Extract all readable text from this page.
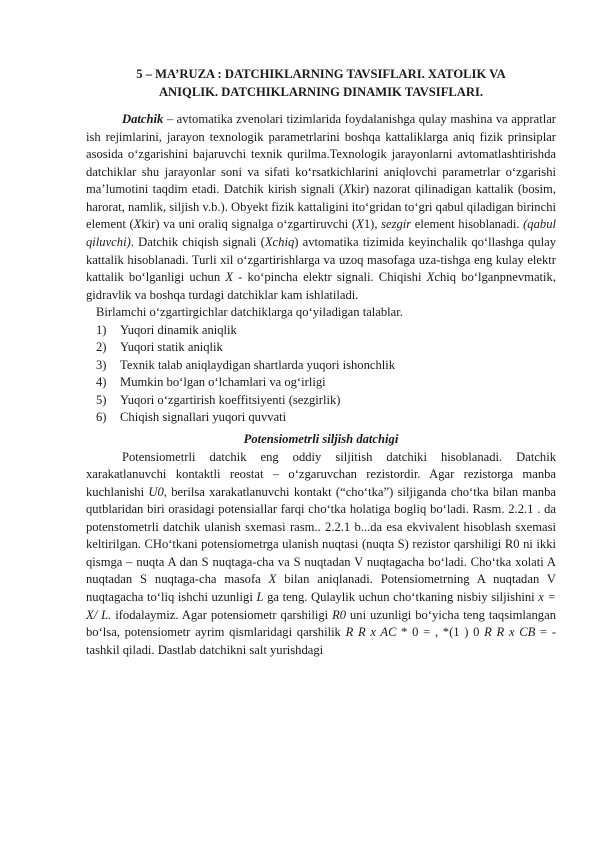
5 – MA’RUZA : DATCHIKLARNING TAVSIFLARI. XATOLIK VA
ANIQLIK. DATCHIKLARNING DINAMIK TAVSIFLARI.

Datchik – avtomatika zvenolari tizimlarida foydalanishga qulay mashina va appratlar ish rejimlarini, jarayon texnologik parametrlarini boshqa kattaliklarga aniq fizik prinsiplar asosida oʻzgarishini bajaruvchi texnik qurilma.Texnologik jarayonlarni avtomatlashtirishda datchiklar shu jarayonlar soni va sifati koʻrsatkichlarini aniqlovchi parametrlar oʻzgarishi maʼlumotini taqdim etadi. Datchik kirish signali (Xkir) nazorat qilinadigan kattalik (bosim, harorat, namlik, siljish v.b.). Obyekt fizik kattaligini itoʻgridan toʻgri qabul qiladigan birinchi element (Xkir) va uni oraliq signalga oʻzgartiruvchi (X1), sezgir element hisoblanadi. (qabul qiluvchi). Datchik chiqish signali (Xchiq) avtomatika tizimida keyinchalik qoʻllashga qulay kattalik hisoblanadi. Turli xil oʻzgartirishlarga va uzoq masofaga uza-tishga eng kulay elektr kattalik boʻlganligi uchun X - koʻpincha elektr signali. Chiqishi Xchiq boʻlganpnevmatik, gidravlik va boshqa turdagi datchiklar kam ishlatiladi.

Birlamchi oʻzgartirgichlar datchiklarga qoʻyiladigan talablar.
1) Yuqori dinamik aniqlik
2) Yuqori statik aniqlik
3) Texnik talab aniqlaydigan shartlarda yuqori ishonchlik
4) Mumkin boʻlgan oʻlchamlari va ogʻirligi
5) Yuqori oʻzgartirish koeffitsiyenti (sezgirlik)
6) Chiqish signallari yuqori quvvati
Potensiometrli siljish datchigi

Potensiometrli datchik eng oddiy siljitish datchiki hisoblanadi. Datchik xarakatlanuvchi kontaktli reostat – oʻzgaruvchan rezistordir. Agar rezistorga manba kuchlanishi U0, berilsa xarakatlanuvchi kontakt (“choʻtka”) siljiganda choʻtka bilan manba qutblaridan biri orasidagi potensiallar farqi choʻtka holatiga bogliq boʻladi. Rasm. 2.2.1 . da potenstometrli datchik ulanish sxemasi rasm.. 2.2.1 b...da esa ekvivalent hisoblash sxemasi keltirilgan. CHoʻtkani potensiometrga ulanish nuqtasi (nuqta S) rezistor qarshiligi R0 ni ikki qismga – nuqta A dan S nuqtaga-cha va S nuqtadan V nuqtagacha boʻladi. Choʻtka xolati A nuqtadan S nuqtaga-cha masofa X bilan aniqlanadi. Potensiometrning A nuqtadan V nuqtagacha toʻliq ishchi uzunligi L ga teng. Qulaylik uchun choʻtkaning nisbiy siljishini x = X/ L. ifodalaymiz. Agar potensiometr qarshiligi R0 uni uzunligi boʻyicha teng taqsimlangan boʻlsa, potensiometr ayrim qismlaridagi qarshilik R R x AC * 0 = , *(1 ) 0 R R x CB = - tashkil qiladi. Dastlab datchikni salt yurishdagi
